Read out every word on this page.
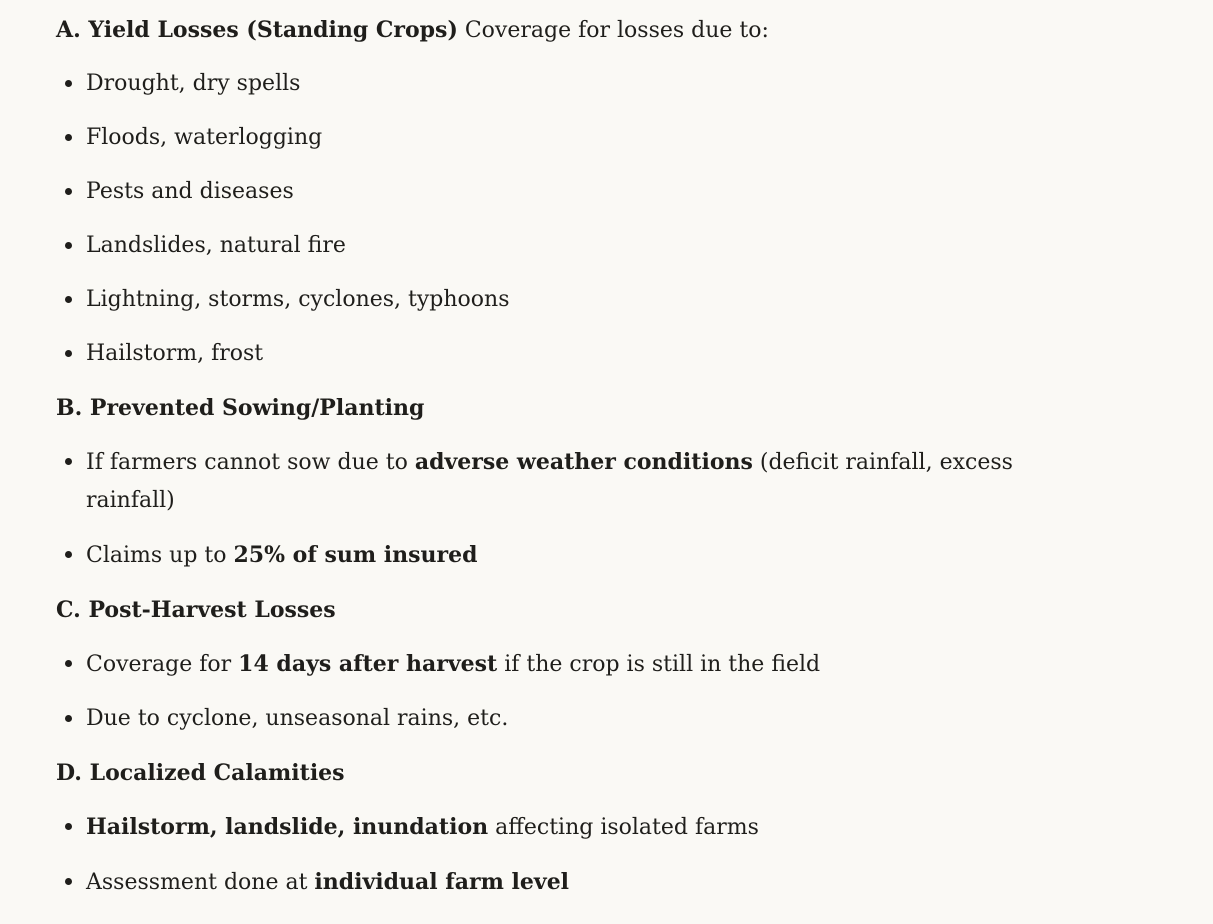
A. Yield Losses (Standing Crops) Coverage for losses due to:

Drought, dry spells
Floods, waterlogging
Pests and diseases
Landslides, natural fire
Lightning, storms, cyclones, typhoons
Hailstorm, frost

B. Prevented Sowing/Planting

If farmers cannot sow due to adverse weather conditions (deficit rainfall, excess rainfall)
Claims up to 25% of sum insured

C. Post-Harvest Losses

Coverage for 14 days after harvest if the crop is still in the field
Due to cyclone, unseasonal rains, etc.

D. Localized Calamities

Hailstorm, landslide, inundation affecting isolated farms
Assessment done at individual farm level
